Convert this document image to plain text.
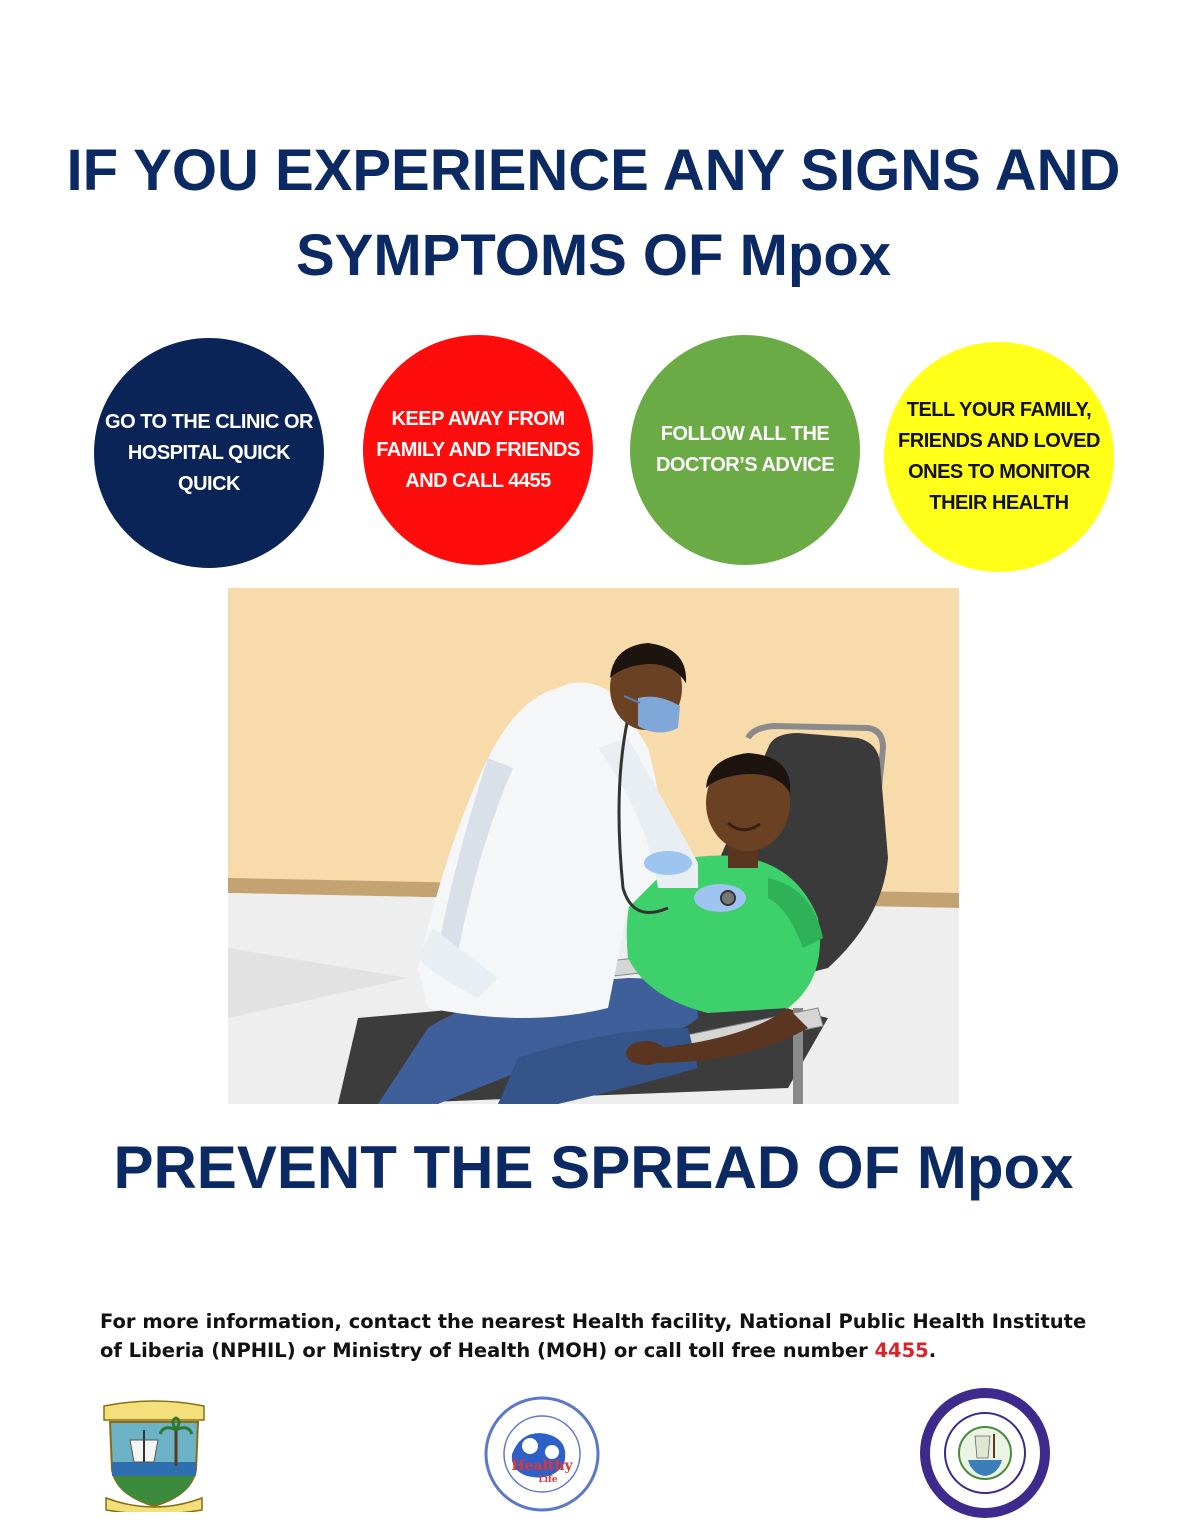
IF YOU EXPERIENCE ANY SIGNS AND
SYMPTOMS OF Mpox
GO TO THE CLINIC OR
HOSPITAL QUICK
QUICK
KEEP AWAY FROM
FAMILY AND FRIENDS
AND CALL 4455
FOLLOW ALL THE
DOCTOR’S ADVICE
TELL YOUR FAMILY,
FRIENDS AND LOVED
ONES TO MONITOR
THEIR HEALTH
PREVENT THE SPREAD OF Mpox

For more information, contact the nearest Health facility, National Public Health Institute
of Liberia (NPHIL) or Ministry of Health (MOH) or call toll free number 4455.

Healthy
Life
